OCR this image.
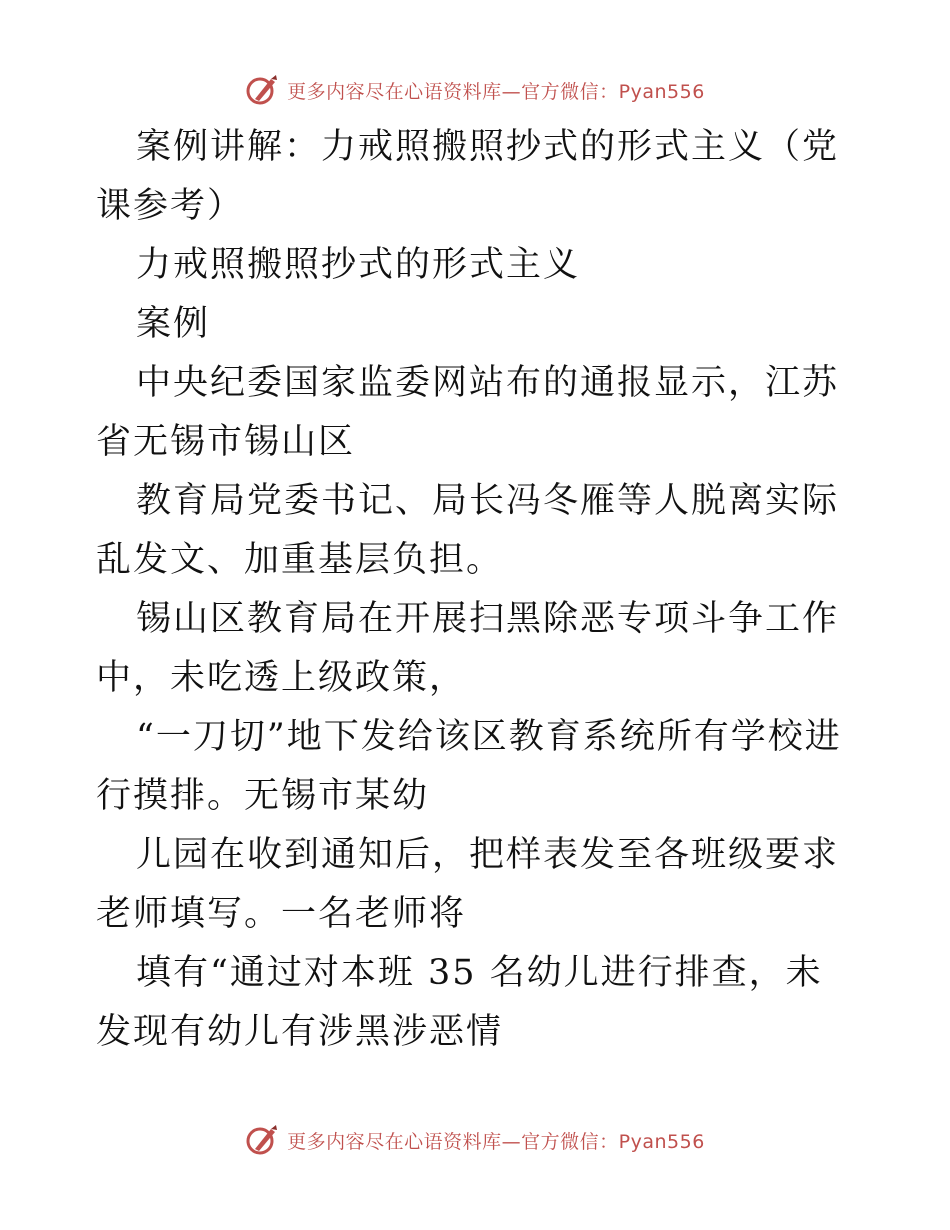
更多内容尽在心语资料库—官方微信：Pyan556

案例讲解：力戒照搬照抄式的形式主义（党课参考）

力戒照搬照抄式的形式主义

案例

中央纪委国家监委网站布的通报显示，江苏省无锡市锡山区

教育局党委书记、局长冯冬雁等人脱离实际乱发文、加重基层负担。

锡山区教育局在开展扫黑除恶专项斗争工作中，未吃透上级政策，

“一刀切”地下发给该区教育系统所有学校进行摸排。无锡市某幼

儿园在收到通知后，把样表发至各班级要求老师填写。一名老师将

填有“通过对本班 35 名幼儿进行排查，未发现有幼儿有涉黑涉恶情

更多内容尽在心语资料库—官方微信：Pyan556
